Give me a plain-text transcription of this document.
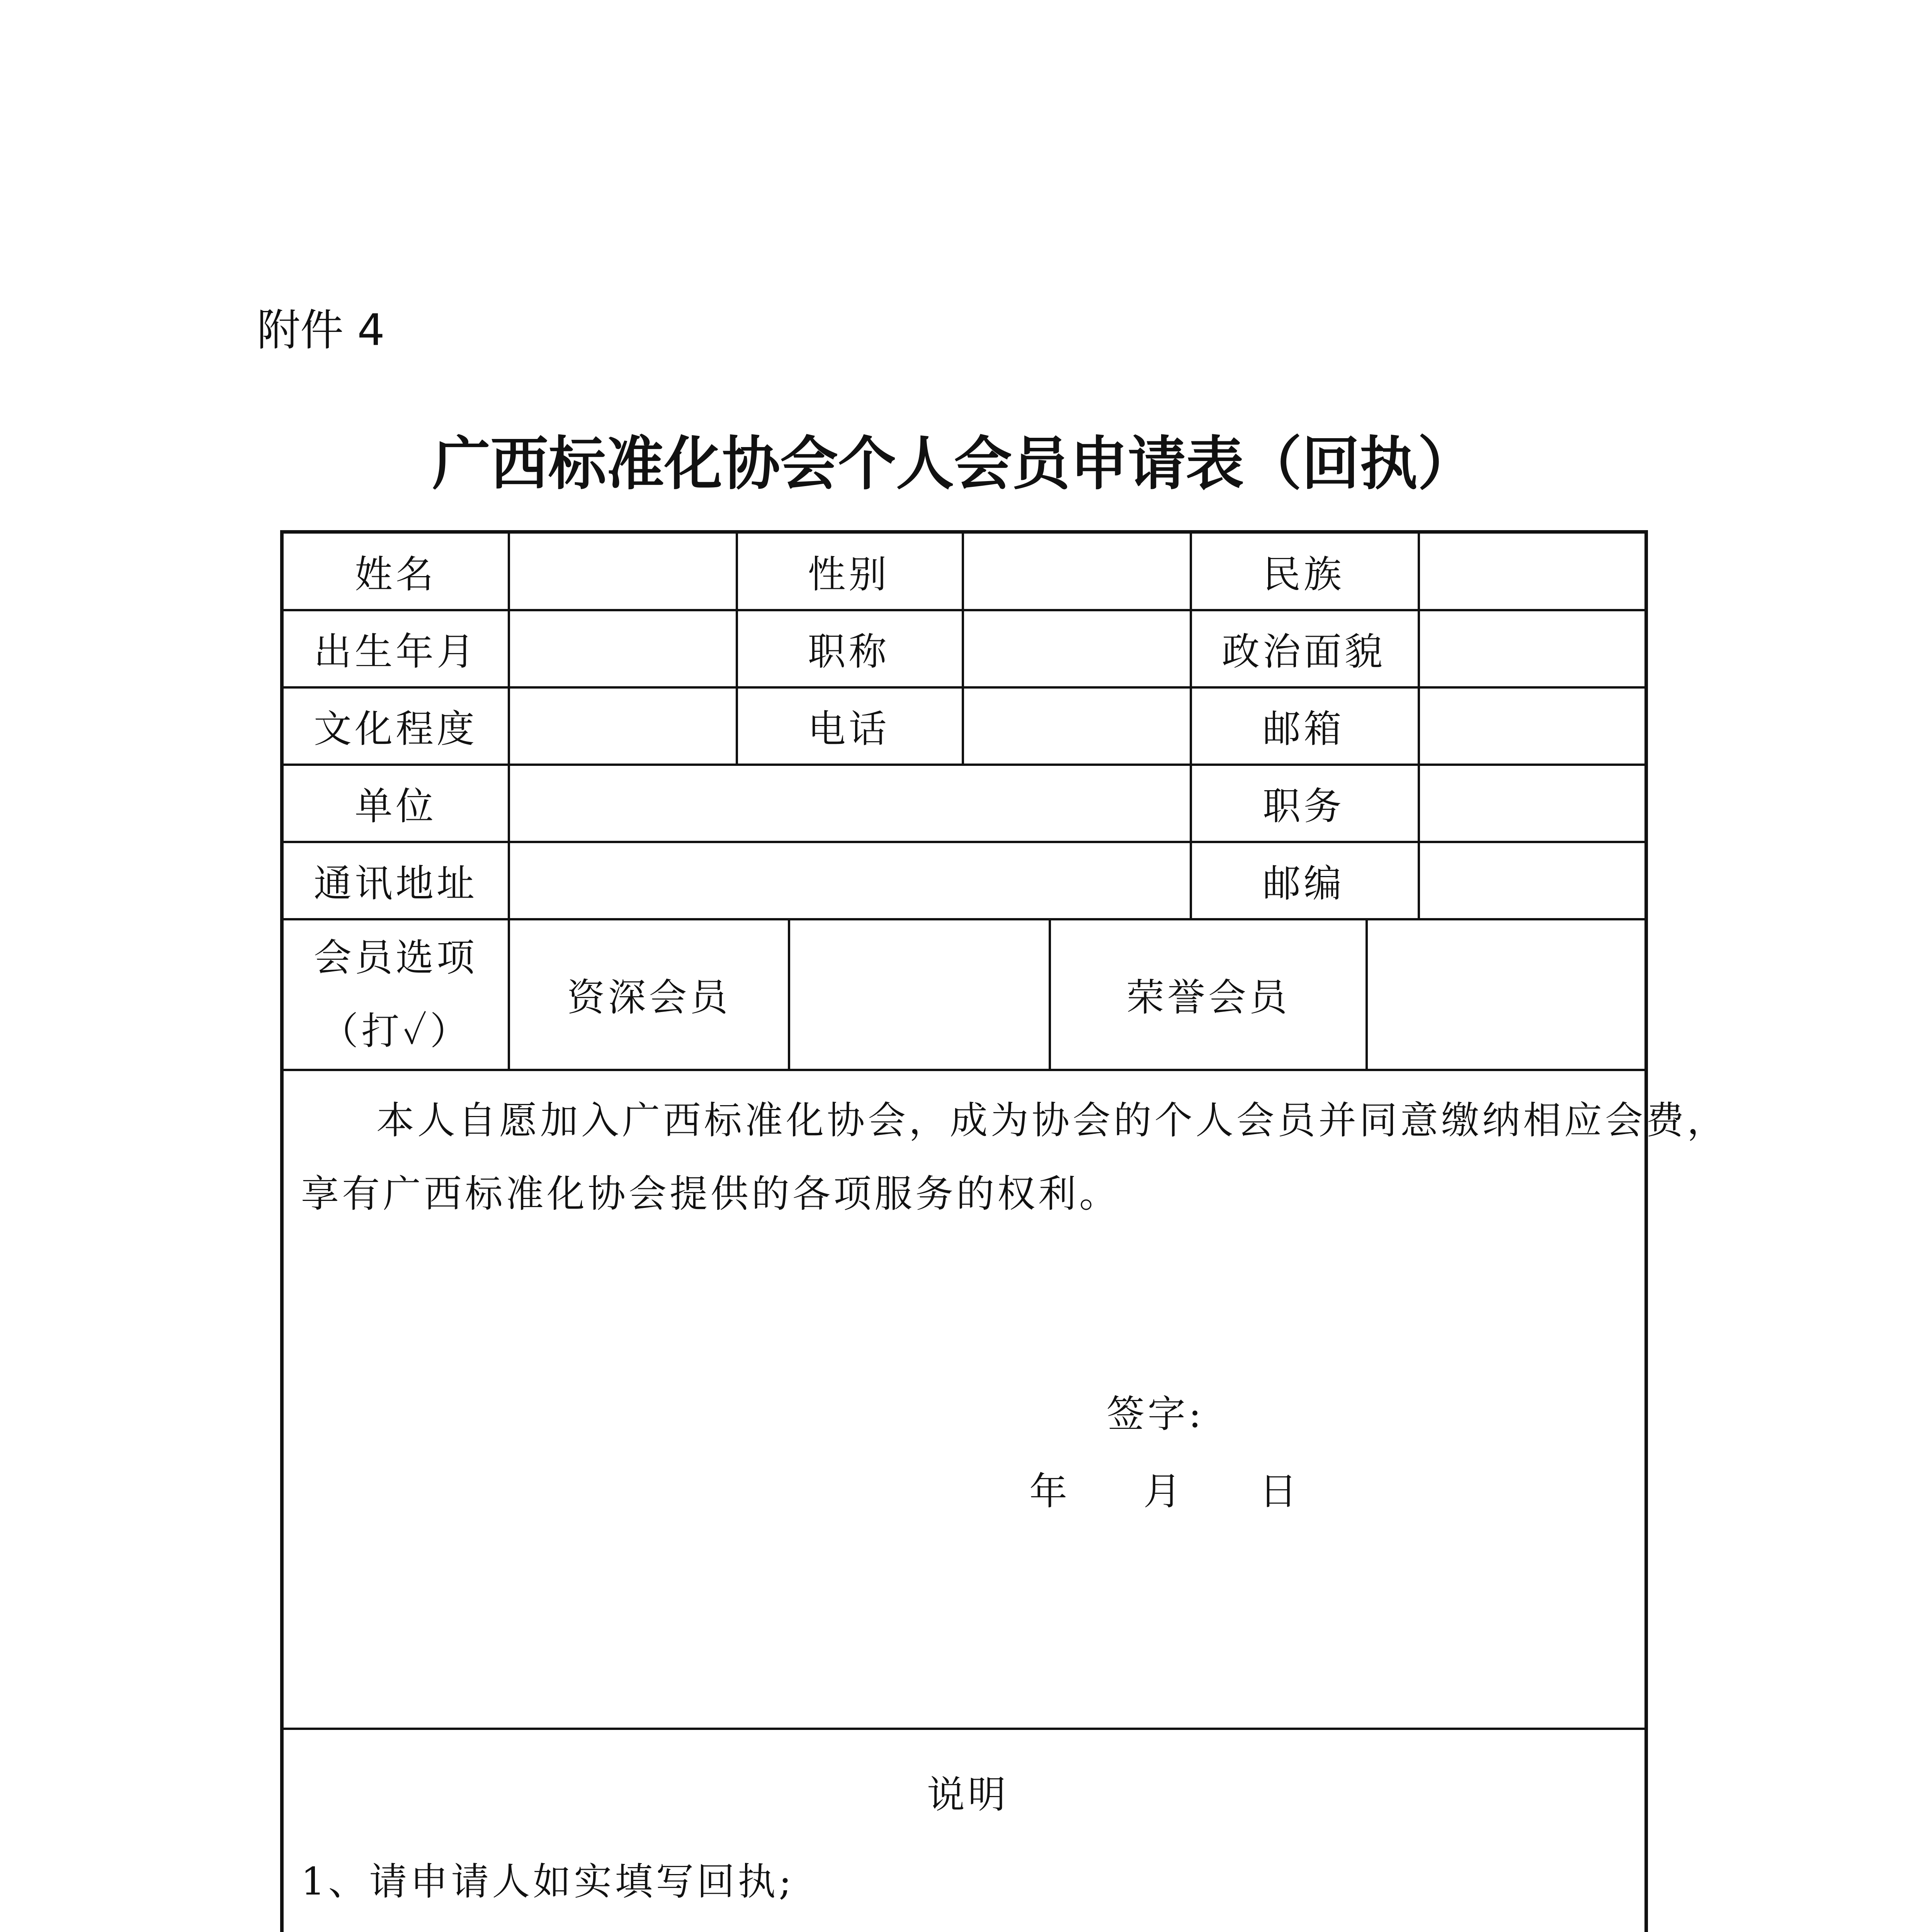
附件 4

广西标准化协会个人会员申请表（回执）
姓名	性别	民族
出生年月	职称	政治面貌
文化程度	电话	邮箱
单位	职务
通讯地址	邮编
会员选项
（打✓）
资深会员	荣誉会员

本人自愿加入广西标准化协会，成为协会的个人会员并同意缴纳相应会费，

享有广西标准化协会提供的各项服务的权利。

签字:

年 月 日

说明

1、请申请人如实填写回执;
